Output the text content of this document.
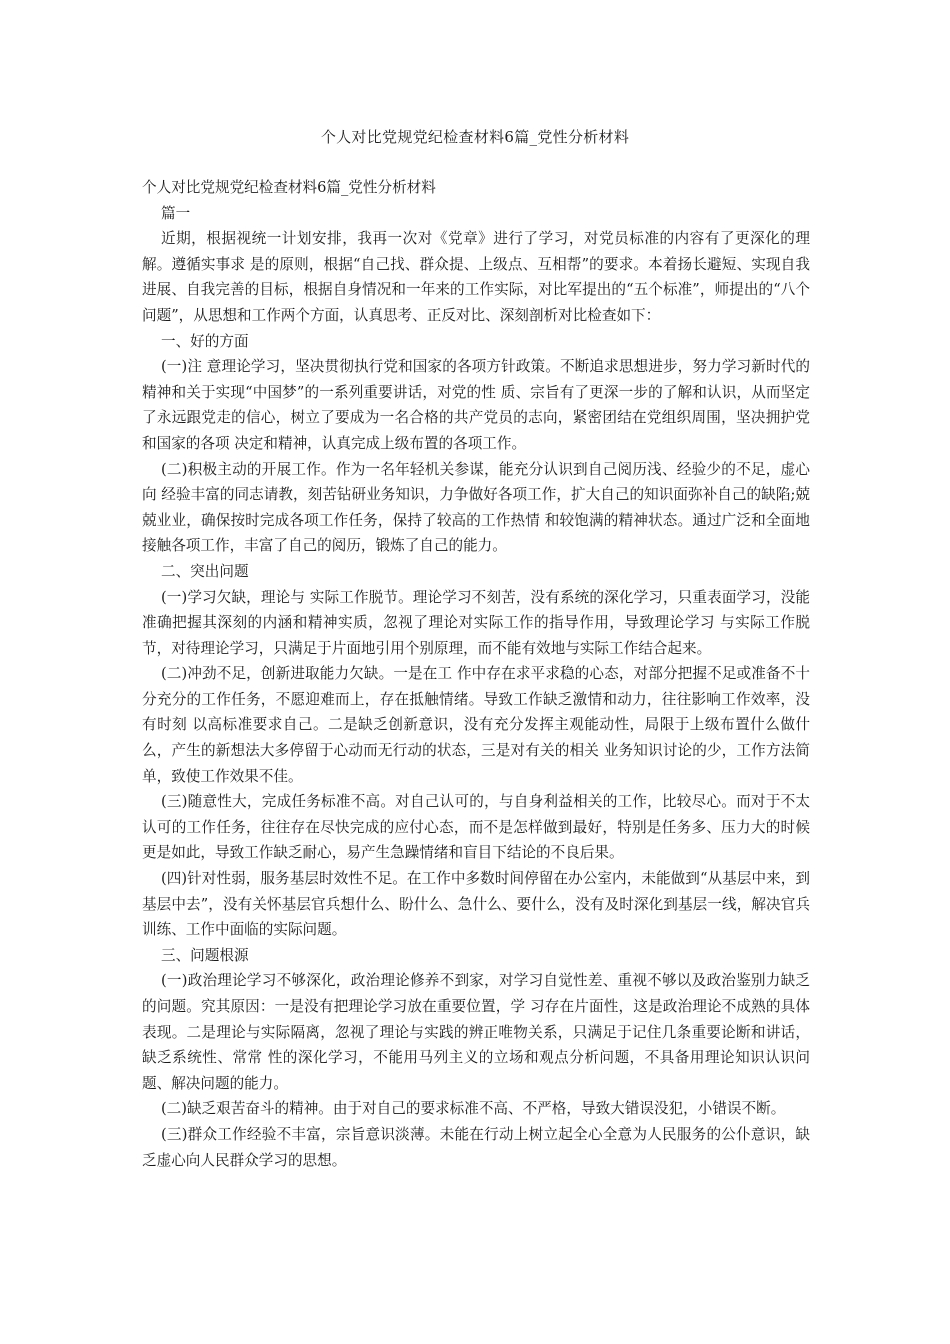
个人对比党规党纪检查材料6篇_党性分析材料
个人对比党规党纪检查材料6篇_党性分析材料

篇一

近期，根据视统一计划安排，我再一次对《党章》进行了学习，对党员标准的内容有了更深化的理解。遵循实事求 是的原则，根据“自己找、群众提、上级点、互相帮”的要求。本着扬长避短、实现自我进展、自我完善的目标，根据自身情况和一年来的工作实际，对比军提出的“五个标准”，师提出的“八个问题”，从思想和工作两个方面，认真思考、正反对比、深刻剖析对比检查如下：

一、好的方面

(一)注 意理论学习，坚决贯彻执行党和国家的各项方针政策。不断追求思想进步，努力学习新时代的精神和关于实现“中国梦”的一系列重要讲话，对党的性 质、宗旨有了更深一步的了解和认识，从而坚定了永远跟党走的信心，树立了要成为一名合格的共产党员的志向，紧密团结在党组织周围，坚决拥护党和国家的各项 决定和精神，认真完成上级布置的各项工作。

(二)积极主动的开展工作。作为一名年轻机关参谋，能充分认识到自己阅历浅、经验少的不足，虚心向 经验丰富的同志请教，刻苦钻研业务知识，力争做好各项工作，扩大自己的知识面弥补自己的缺陷;兢兢业业，确保按时完成各项工作任务，保持了较高的工作热情 和较饱满的精神状态。通过广泛和全面地接触各项工作，丰富了自己的阅历，锻炼了自己的能力。

二、突出问题

(一)学习欠缺，理论与 实际工作脱节。理论学习不刻苦，没有系统的深化学习，只重表面学习，没能准确把握其深刻的内涵和精神实质，忽视了理论对实际工作的指导作用，导致理论学习 与实际工作脱节，对待理论学习，只满足于片面地引用个别原理，而不能有效地与实际工作结合起来。

(二)冲劲不足，创新进取能力欠缺。一是在工 作中存在求平求稳的心态，对部分把握不足或准备不十分充分的工作任务，不愿迎难而上，存在抵触情绪。导致工作缺乏激情和动力，往往影响工作效率，没有时刻 以高标准要求自己。二是缺乏创新意识，没有充分发挥主观能动性，局限于上级布置什么做什么，产生的新想法大多停留于心动而无行动的状态，三是对有关的相关 业务知识讨论的少，工作方法简单，致使工作效果不佳。

(三)随意性大，完成任务标准不高。对自己认可的，与自身利益相关的工作，比较尽心。而对于不太认可的工作任务，往往存在尽快完成的应付心态，而不是怎样做到最好，特别是任务多、压力大的时候更是如此，导致工作缺乏耐心，易产生急躁情绪和盲目下结论的不良后果。

(四)针对性弱，服务基层时效性不足。在工作中多数时间停留在办公室内，未能做到“从基层中来，到基层中去”，没有关怀基层官兵想什么、盼什么、急什么、要什么，没有及时深化到基层一线，解决官兵训练、工作中面临的实际问题。

三、问题根源

(一)政治理论学习不够深化，政治理论修养不到家，对学习自觉性差、重视不够以及政治鉴别力缺乏的问题。究其原因：一是没有把理论学习放在重要位置，学 习存在片面性，这是政治理论不成熟的具体表现。二是理论与实际隔离，忽视了理论与实践的辨正唯物关系，只满足于记住几条重要论断和讲话，缺乏系统性、常常 性的深化学习，不能用马列主义的立场和观点分析问题，不具备用理论知识认识问题、解决问题的能力。

(二)缺乏艰苦奋斗的精神。由于对自己的要求标准不高、不严格，导致大错误没犯，小错误不断。

(三)群众工作经验不丰富，宗旨意识淡薄。未能在行动上树立起全心全意为人民服务的公仆意识，缺乏虚心向人民群众学习的思想。
